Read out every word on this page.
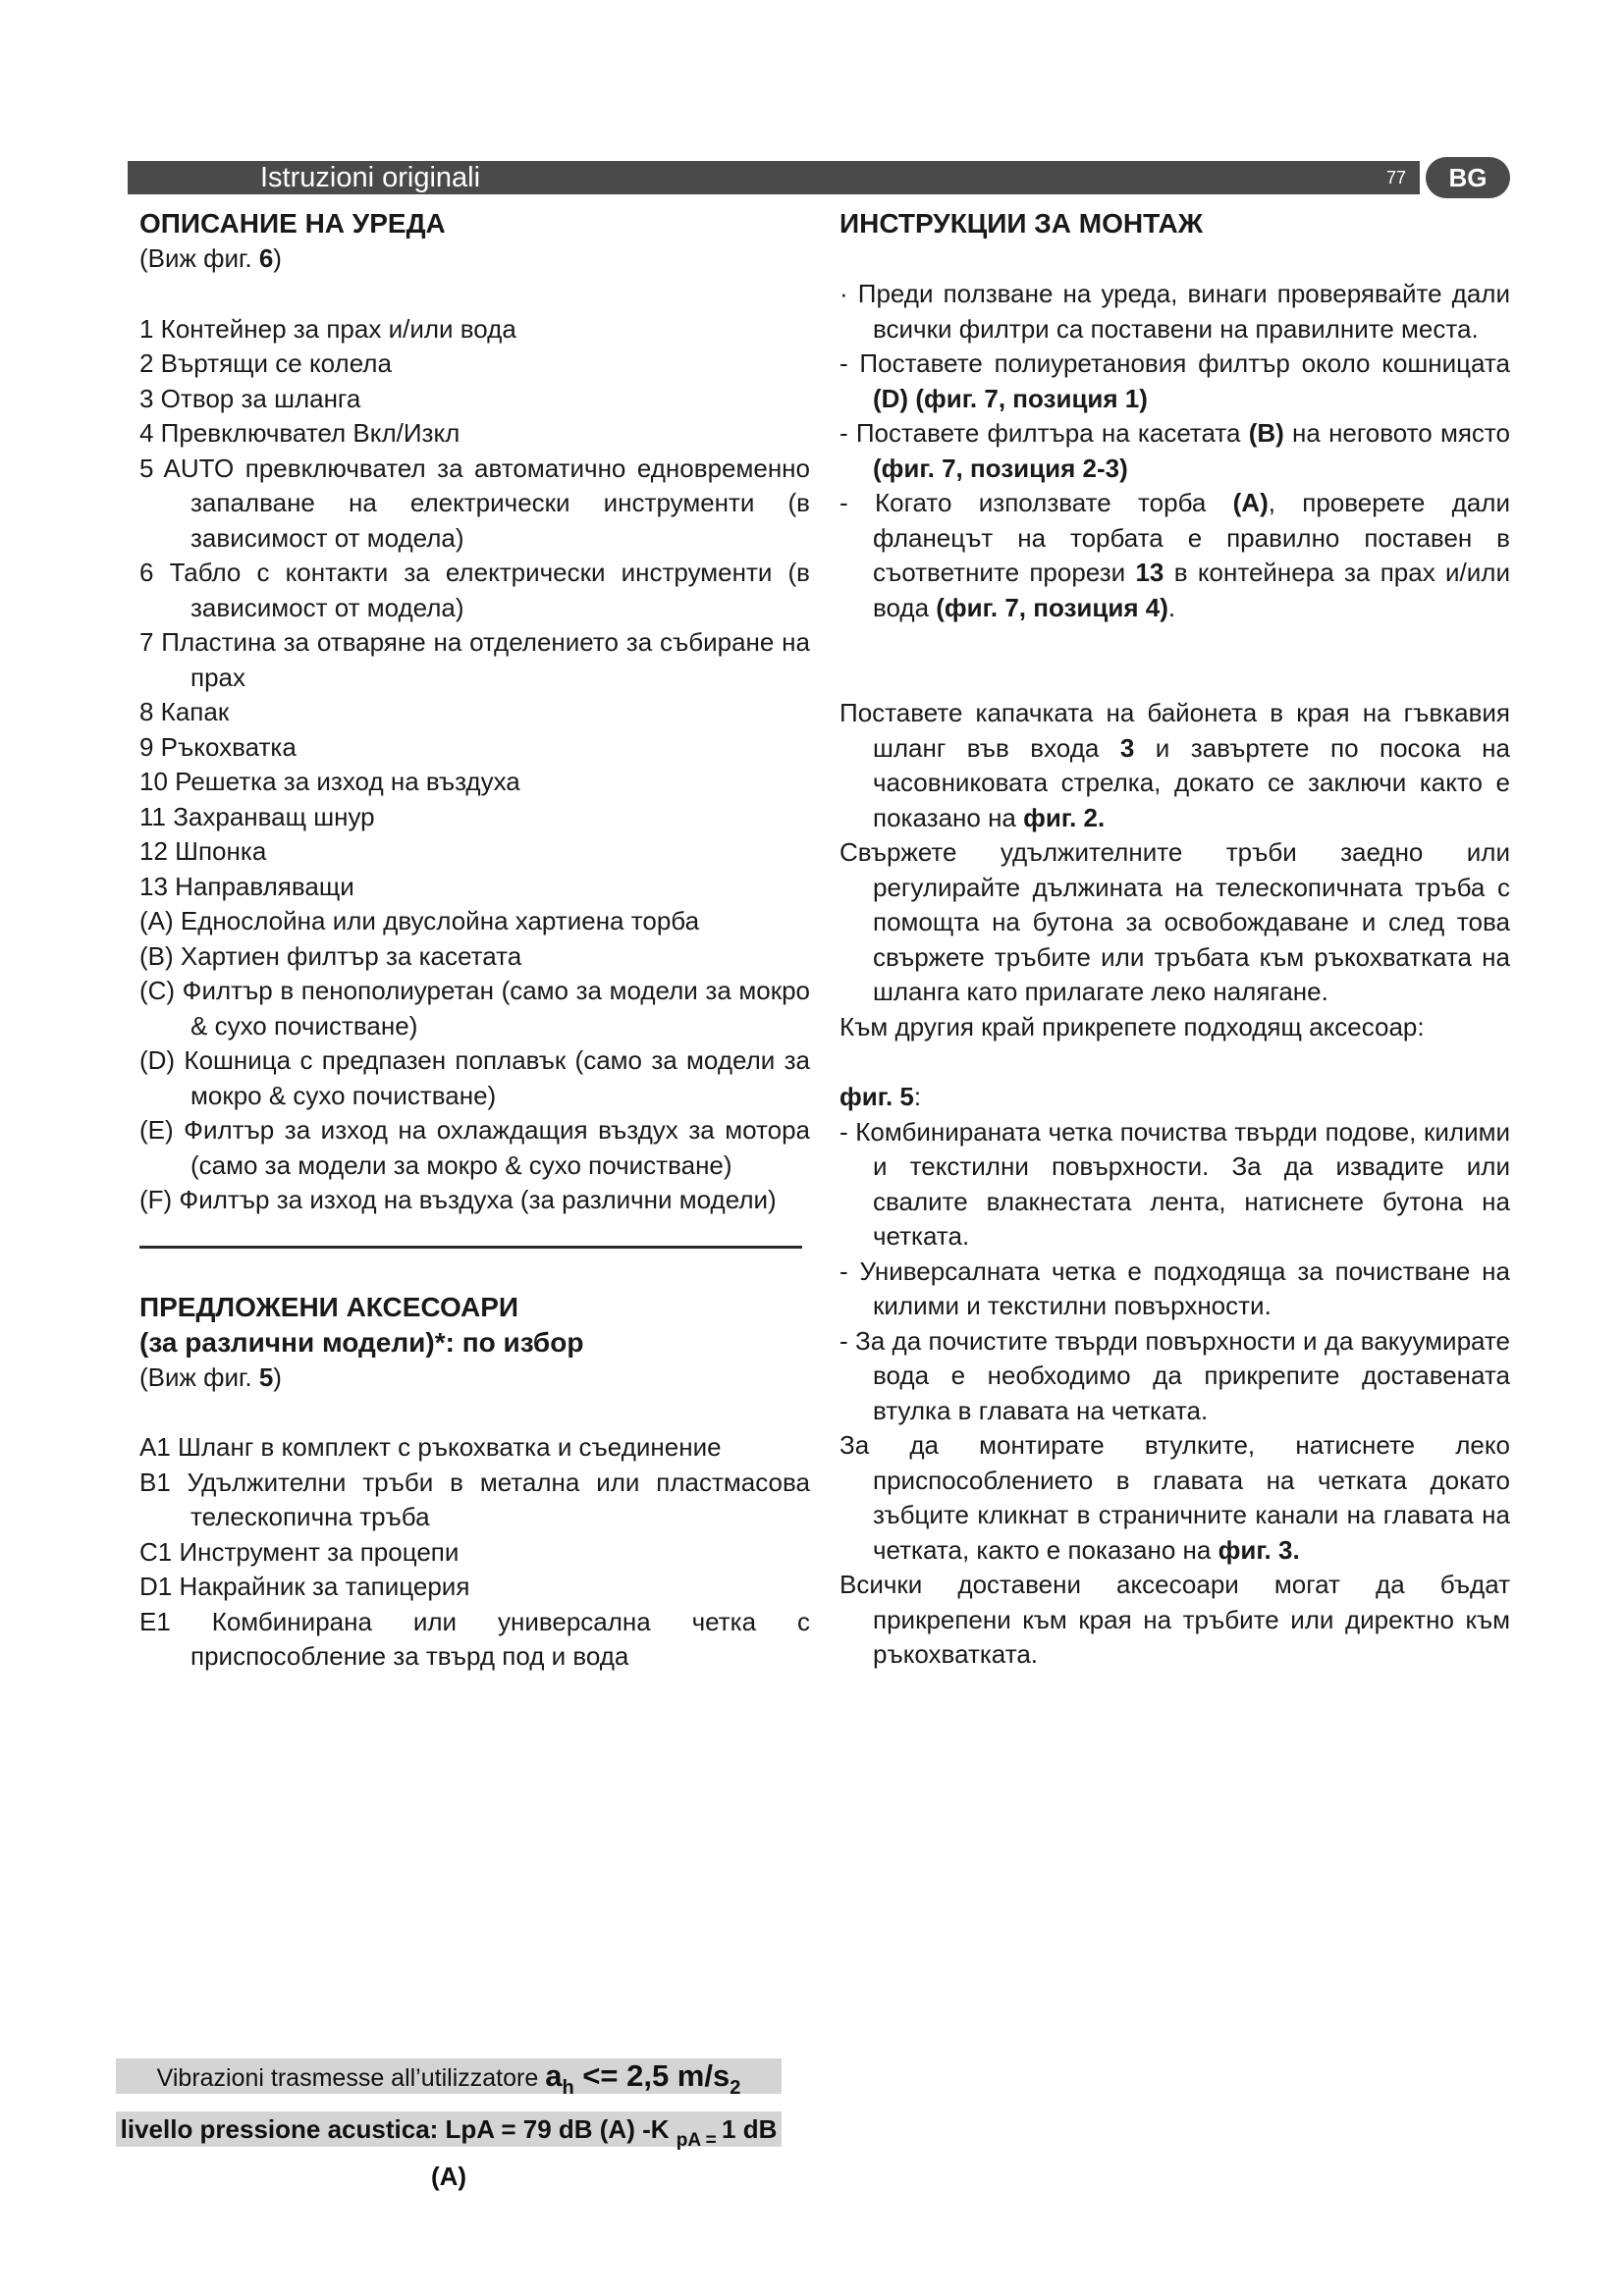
Istruzioni originali	77	BG
ОПИСАНИЕ НА УРЕДА
(Виж фиг. 6)
1 Контейнер за прах и/или вода
2 Въртящи се колела
3 Отвор за шланга
4 Превключвател Вкл/Изкл
5 AUTO превключвател за автоматично едновременно запалване на електрически инструменти (в зависимост от модела)
6 Табло с контакти за електрически инструменти (в зависимост от модела)
7 Пластина за отваряне на отделението за събиране на прах
8 Капак
9 Ръкохватка
10 Решетка за изход на въздуха
11 Захранващ шнур
12 Шпонка
13 Направляващи
(A) Еднослойна или двуслойна хартиена торба
(B) Хартиен филтър за касетата
(C) Филтър в пенополиуретан (само за модели за мокро & сухо почистване)
(D) Кошница с предпазен поплавък (само за модели за мокро & сухо почистване)
(E) Филтър за изход на охлаждащия въздух за мотора (само за модели за мокро & сухо почистване)
(F) Филтър за изход на въздуха (за различни модели)
ПРЕДЛОЖЕНИ АКСЕСОАРИ
(за различни модели)*: по избор
(Виж фиг. 5)
A1 Шланг в комплект с ръкохватка и съединение
B1 Удължителни тръби в метална или пластмасова телескопична тръба
C1 Инструмент за процепи
D1 Накрайник за тапицерия
E1 Комбинирана или универсална четка с приспособление за твърд под и вода
ИНСТРУКЦИИ ЗА МОНТАЖ
· Преди ползване на уреда, винаги проверявайте дали всички филтри са поставени на правилните места.
- Поставете полиуретановия филтър около кошницата (D) (фиг. 7, позиция 1)
- Поставете филтъра на касетата (B) на неговото място (фиг. 7, позиция 2-3)
- Когато използвате торба (A), проверете дали фланецът на торбата е правилно поставен в съответните прорези 13 в контейнера за прах и/или вода (фиг. 7, позиция 4).
Поставете капачката на байонета в края на гъвкавия шланг във входа 3 и завъртете по посока на часовниковата стрелка, докато се заключи както е показано на фиг. 2.
Свържете удължителните тръби заедно или регулирайте дължината на телескопичната тръба с помощта на бутона за освобождаване и след това свържете тръбите или тръбата към ръкохватката на шланга като прилагате леко налягане.
Към другия край прикрепете подходящ аксесоар:
фиг. 5:
- Комбинираната четка почиства твърди подове, килими и текстилни повърхности. За да извадите или свалите влакнестата лента, натиснете бутона на четката.
- Универсалната четка е подходяща за почистване на килими и текстилни повърхности.
- За да почистите твърди повърхности и да вакуумирате вода е необходимо да прикрепите доставената втулка в главата на четката.
За да монтирате втулките, натиснете леко приспособлението в главата на четката докато зъбците кликнат в страничните канали на главата на четката, както е показано на фиг. 3.
Всички доставени аксесоари могат да бъдат прикрепени към края на тръбите или директно към ръкохватката.
Vibrazioni trasmesse all’utilizzatore $a_h <= 2,5$ $m/s_2$
livello pressione acustica: LpA = 79 dB (A) -K $_{pA =}$ 1 dB (A)
